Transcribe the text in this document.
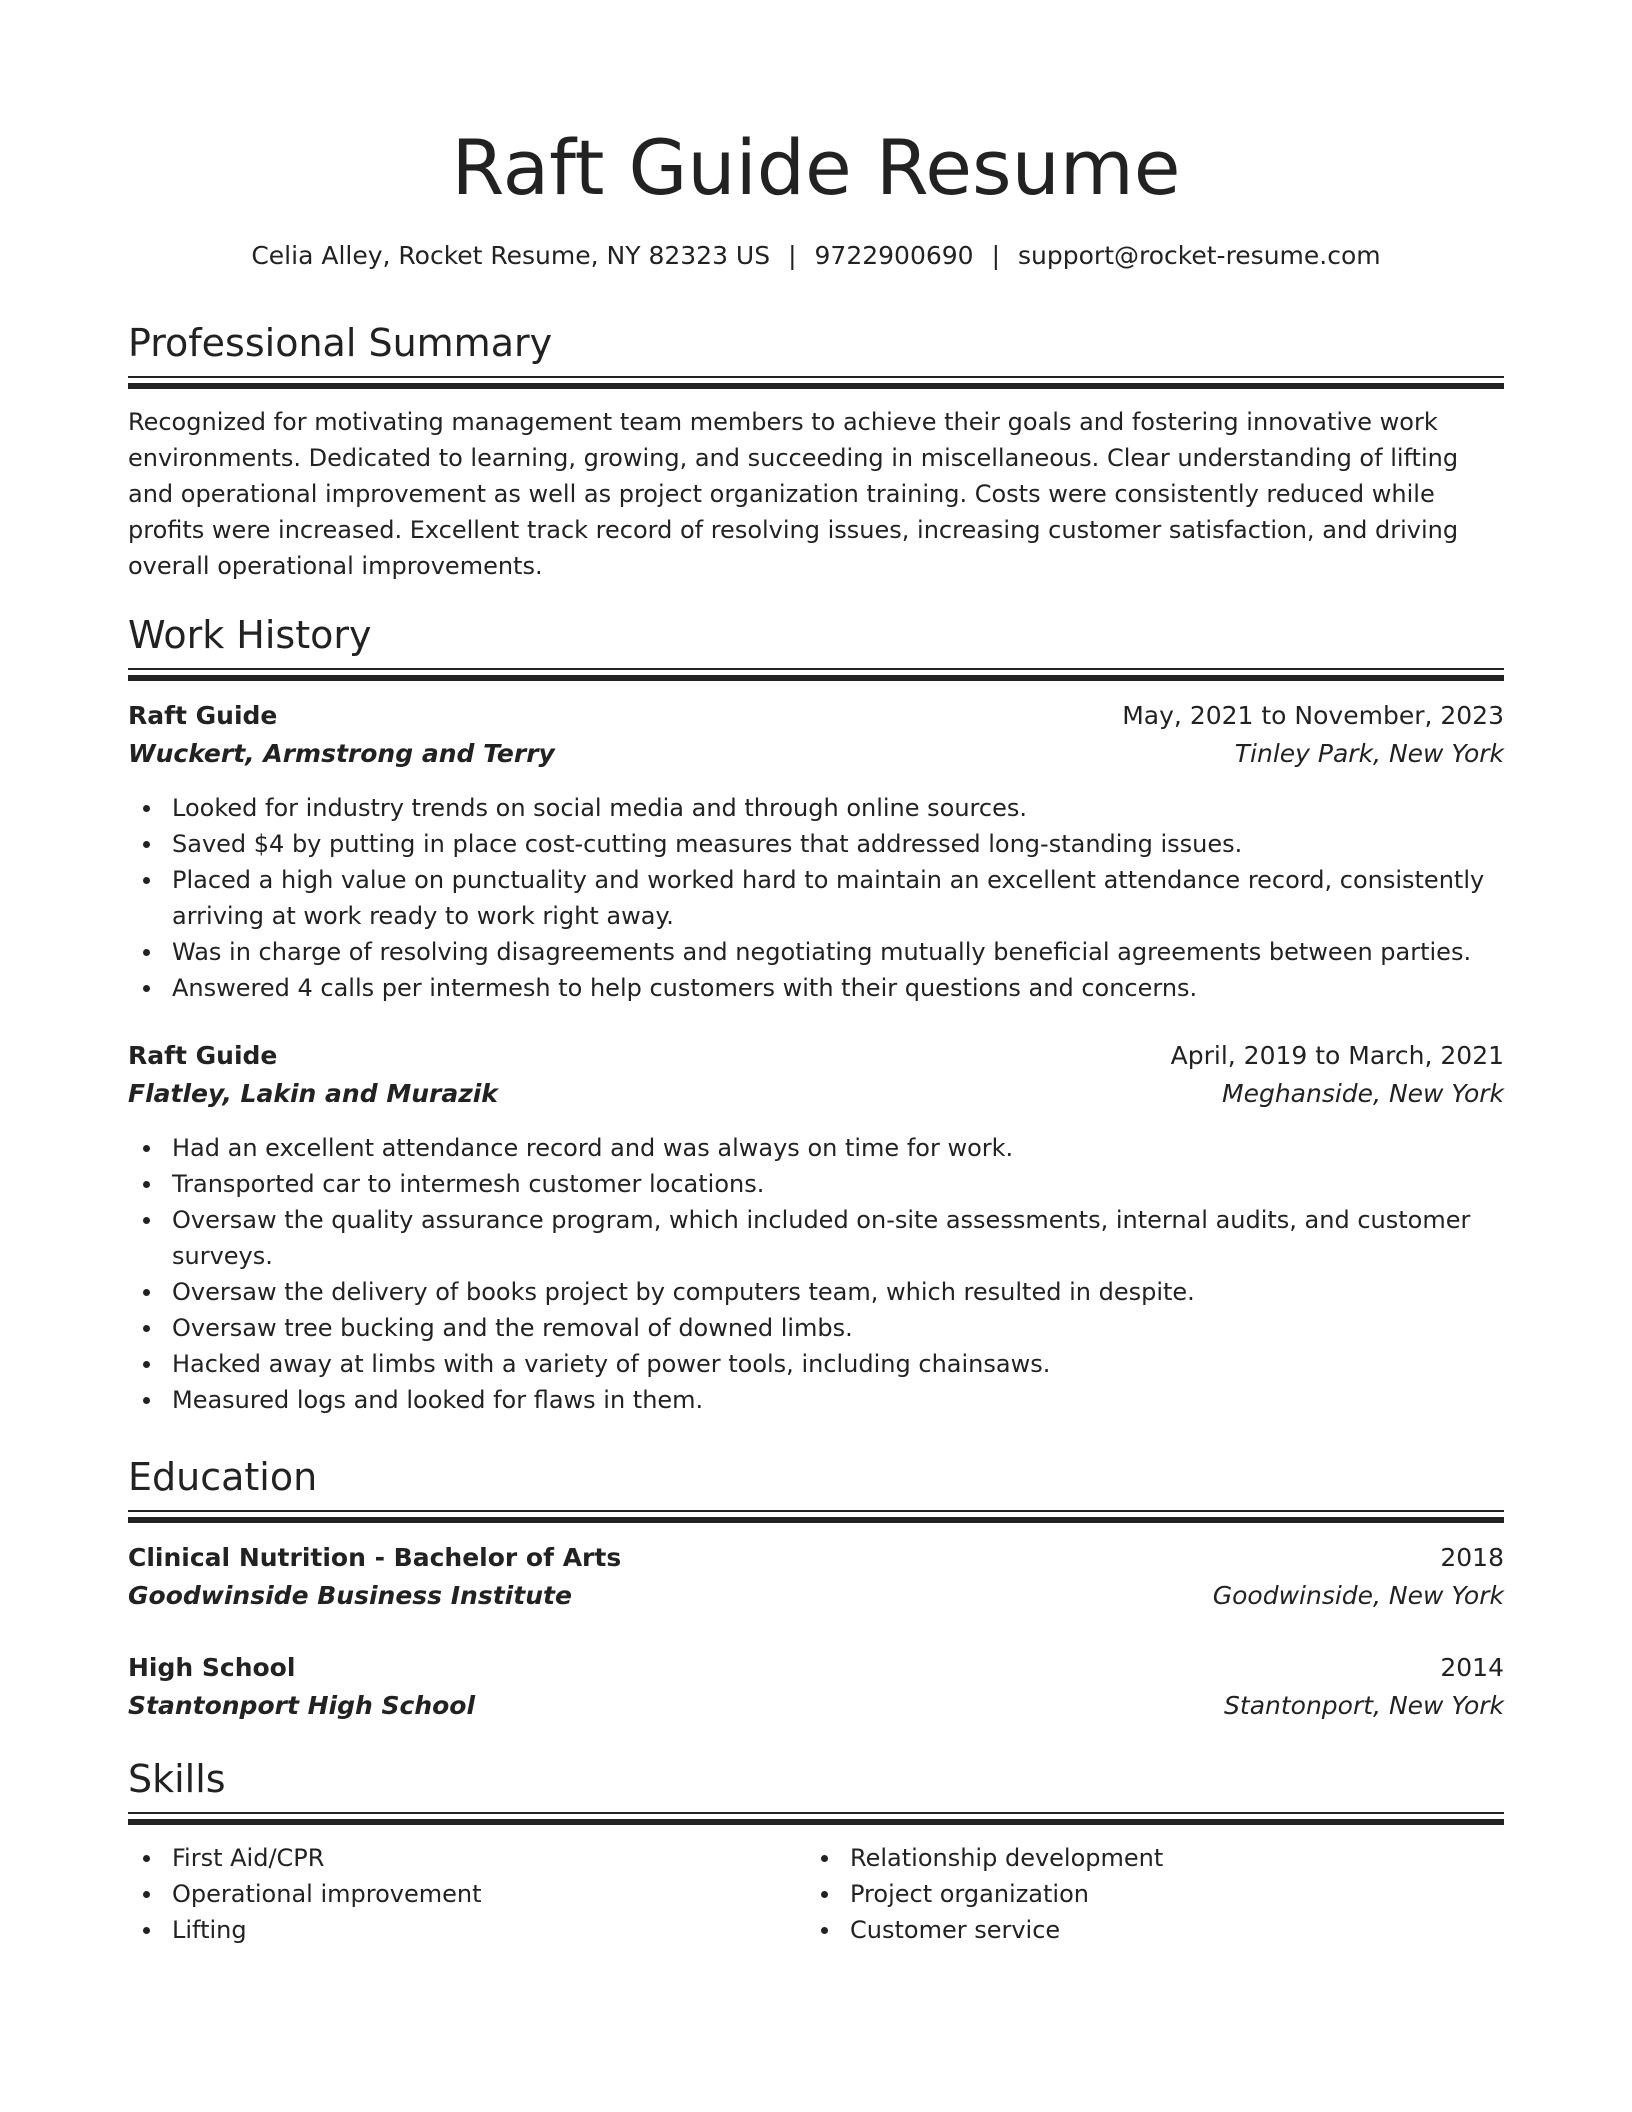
Raft Guide Resume
Celia Alley, Rocket Resume, NY 82323 US | 9722900690 | support@rocket-resume.com
Professional Summary
Recognized for motivating management team members to achieve their goals and fostering innovative work environments. Dedicated to learning, growing, and succeeding in miscellaneous. Clear understanding of lifting and operational improvement as well as project organization training. Costs were consistently reduced while profits were increased. Excellent track record of resolving issues, increasing customer satisfaction, and driving overall operational improvements.
Work History
Raft Guide	May, 2021 to November, 2023
Wuckert, Armstrong and Terry	Tinley Park, New York
Looked for industry trends on social media and through online sources.
Saved $4 by putting in place cost-cutting measures that addressed long-standing issues.
Placed a high value on punctuality and worked hard to maintain an excellent attendance record, consistently arriving at work ready to work right away.
Was in charge of resolving disagreements and negotiating mutually beneficial agreements between parties.
Answered 4 calls per intermesh to help customers with their questions and concerns.
Raft Guide	April, 2019 to March, 2021
Flatley, Lakin and Murazik	Meghanside, New York
Had an excellent attendance record and was always on time for work.
Transported car to intermesh customer locations.
Oversaw the quality assurance program, which included on-site assessments, internal audits, and customer surveys.
Oversaw the delivery of books project by computers team, which resulted in despite.
Oversaw tree bucking and the removal of downed limbs.
Hacked away at limbs with a variety of power tools, including chainsaws.
Measured logs and looked for flaws in them.
Education
Clinical Nutrition - Bachelor of Arts	2018
Goodwinside Business Institute	Goodwinside, New York
High School	2014
Stantonport High School	Stantonport, New York
Skills
First Aid/CPR
Operational improvement
Lifting
Relationship development
Project organization
Customer service
